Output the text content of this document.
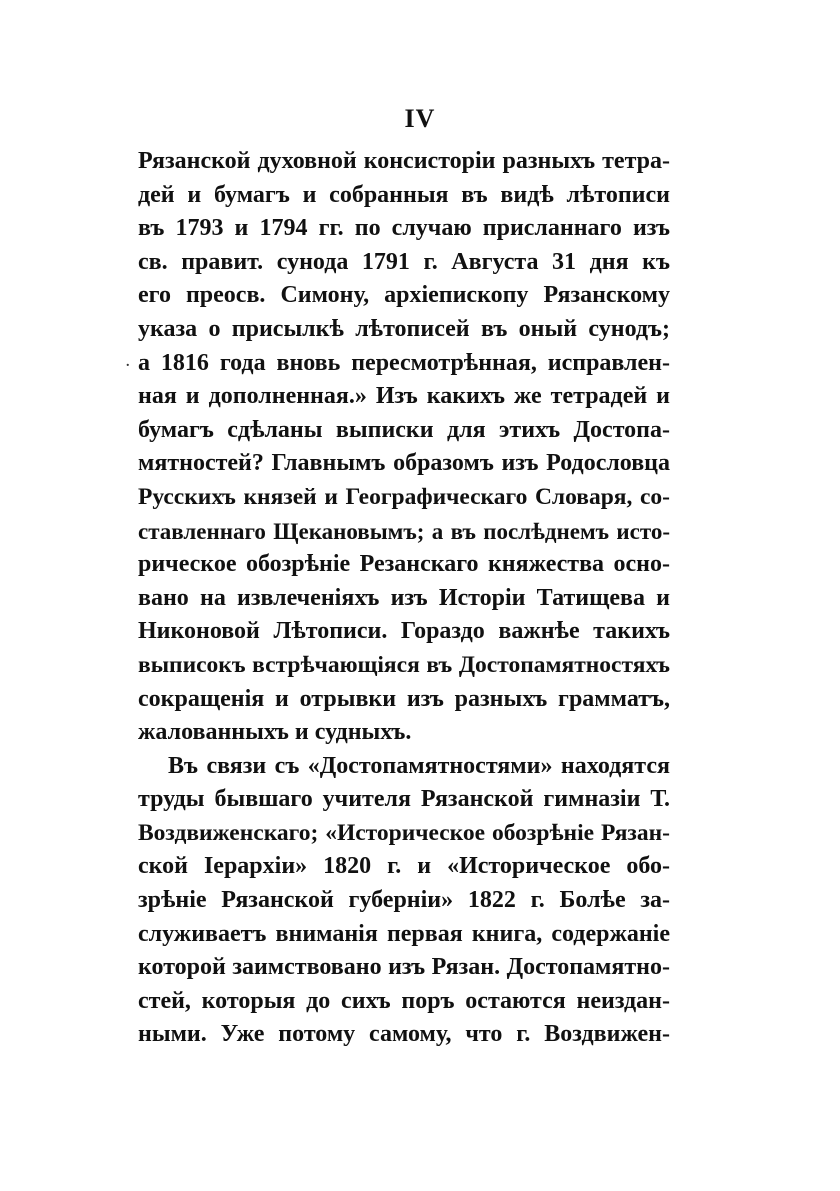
IV
.
Рязанской духовной консисторіи разныхъ тетра-
дей и бумагъ и собранныя въ видѣ лѣтописи
въ 1793 и 1794 гг. по случаю присланнаго изъ
св. правит. сунода 1791 г. Августа 31 дня къ
его преосв. Симону, архіепископу Рязанскому
указа о присылкѣ лѣтописей въ оный сунодъ;
а 1816 года вновь пересмотрѣнная, исправлен-
ная и дополненная.» Изъ какихъ же тетрадей и
бумагъ сдѣланы выписки для этихъ Достопа-
мятностей? Главнымъ образомъ изъ Родословца
Русскихъ князей и Географическаго Словаря, со-
ставленнаго Щекановымъ; а въ послѣднемъ исто-
рическое обозрѣніе Резанскаго княжества осно-
вано на извлеченіяхъ изъ Исторіи Татищева и
Никоновой Лѣтописи. Гораздо важнѣе такихъ
выписокъ встрѣчающіяся въ Достопамятностяхъ
сокращенія и отрывки изъ разныхъ грамматъ,
жалованныхъ и судныхъ.
Въ связи съ «Достопамятностями» находятся
труды бывшаго учителя Рязанской гимназіи Т.
Воздвиженскаго; «Историческое обозрѣніе Рязан-
ской Іерархіи» 1820 г. и «Историческое обо-
зрѣніе Рязанской губерніи» 1822 г. Болѣе за-
служиваетъ вниманія первая книга, содержаніе
которой заимствовано изъ Рязан. Достопамятно-
стей, которыя до сихъ поръ остаются неиздан-
ными. Уже потому самому, что г. Воздвижен-
